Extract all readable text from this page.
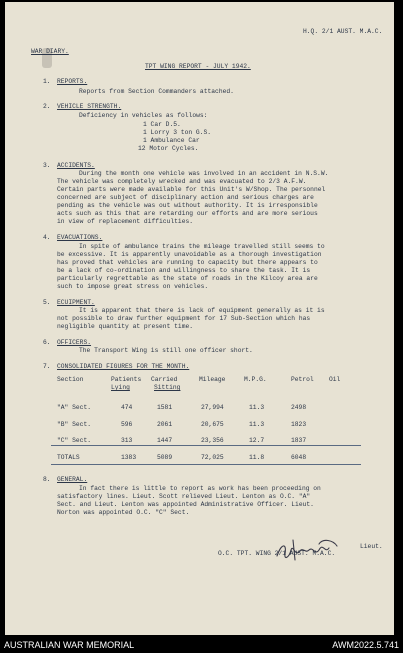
H.Q. 2/1 AUST. M.A.C.
WAR DIARY.
TPT WING REPORT - JULY 1942.
1. REPORTS.
Reports from Section Commanders attached.
2. VEHICLE STRENGTH.
Deficiency in vehicles as follows:
1 Car D.5.
1 Lorry 3 ton G.S.
1 Ambulance Car
12 Motor Cycles.
3. ACCIDENTS.
During the month one vehicle was involved in an accident in N.S.W.
The vehicle was completely wrecked and was evacuated to 2/3 A.F.W.
Certain parts were made available for this Unit's W/Shop. The personnel
concerned are subject of disciplinary action and serious charges are
pending as the vehicle was out without authority. It is irresponsible
acts such as this that are retarding our efforts and are more serious
in view of replacement difficulties.
4. EVACUATIONS.
In spite of ambulance trains the mileage travelled still seems to
be excessive. It is apparently unavoidable as a thorough investigation
has proved that vehicles are running to capacity but there appears to
be a lack of co-ordination and willingness to share the task. It is
particularly regrettable as the state of roads in the Kilcoy area are
such to impose great stress on vehicles.
5. ECUIPMENT.
It is apparent that there is lack of equipment generally as it is
not possible to draw further equipment for 17 Sub-Section which has
negligible quantity at present time.
6. OFFICERS.
The Transport Wing is still one officer short.
7. CONSOLIDATED FIGURES FOR THE MONTH.
Section	Patients Carried	Mileage	M.P.G.	Petrol Oil
Lying	Sitting
"A" Sect.	474	1581	27,994	11.3	2498
"B" Sect.	596	2061	20,675	11.3	1823
"C" Sect.	313	1447	23,356	12.7	1837
TOTALS	1383	5089	72,025	11.8	6048
8. GENERAL.
In fact there is little to report as work has been proceeding on
satisfactory lines. Lieut. Scott relieved Lieut. Lenton as O.C. "A"
Sect. and Lieut. Lenton was appointed Administrative Officer. Lieut.
Norton was appointed O.C. "C" Sect.
Lieut.
O.C. TPT. WING 2/1 AUST. M.A.C.
AUSTRALIAN WAR MEMORIAL	AWM2022.5.741
